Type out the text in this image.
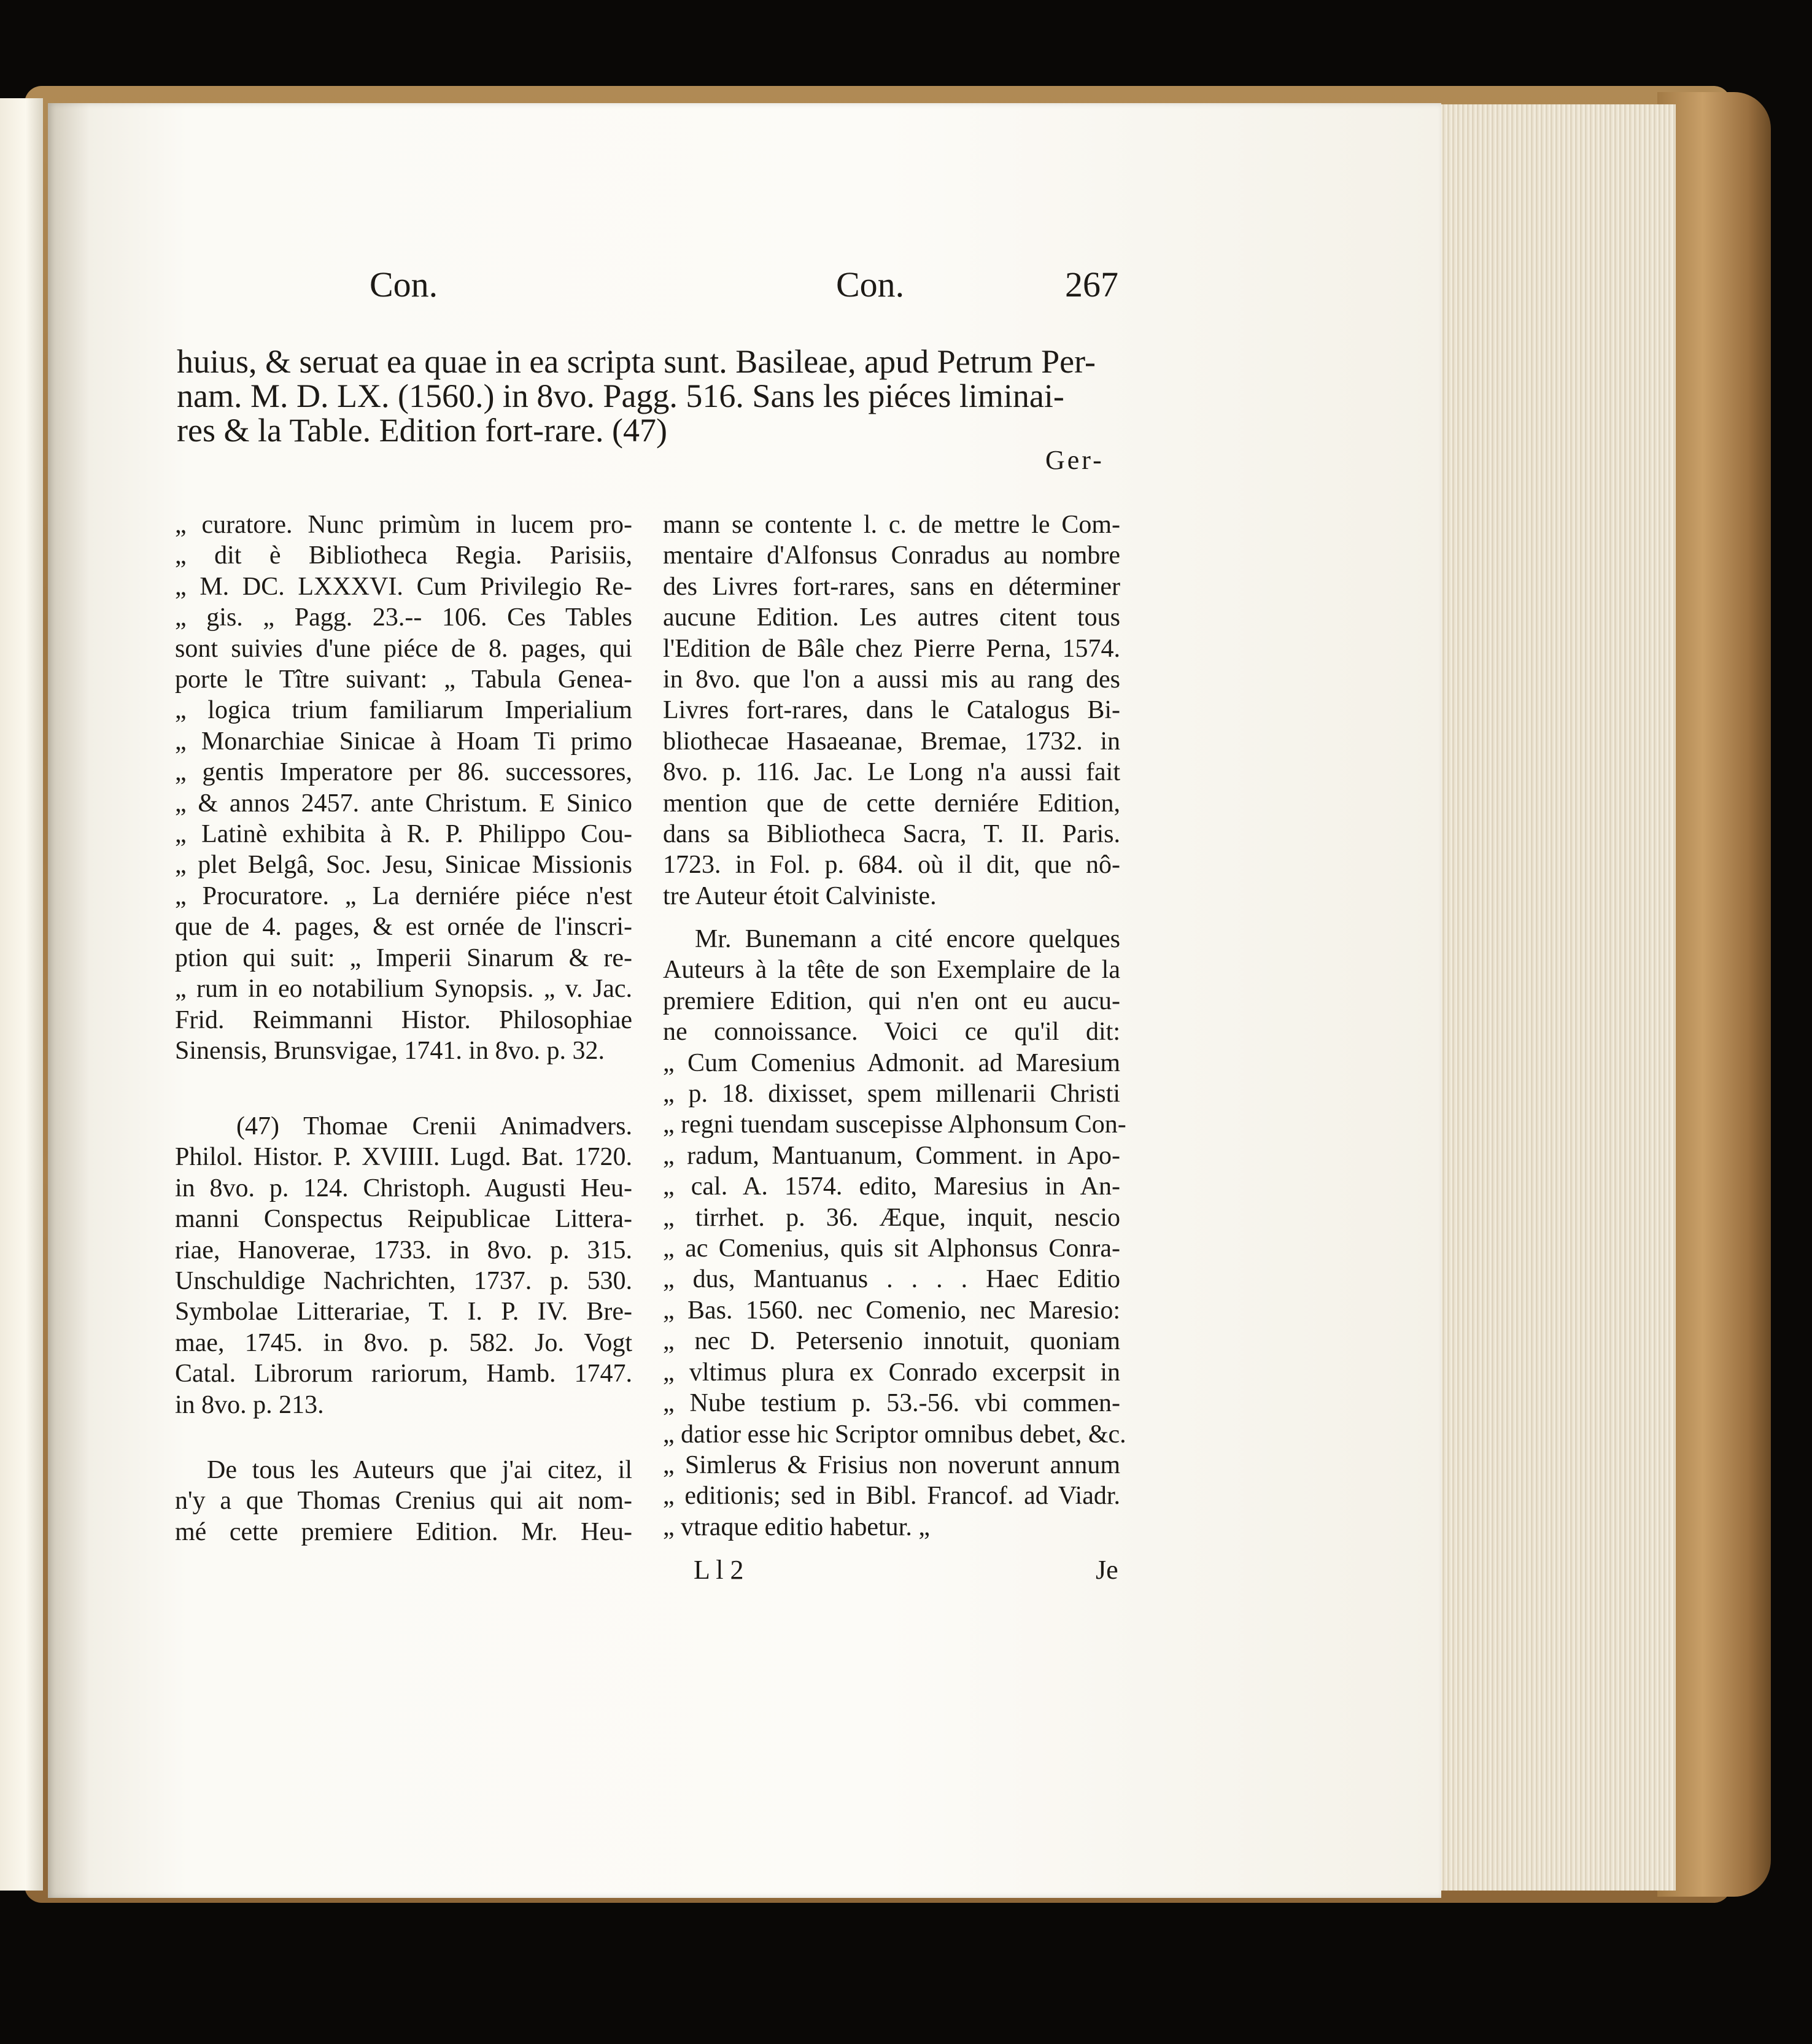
Con.	Con.	267
huius, & seruat ea quae in ea scripta sunt. Basileae, apud Petrum Per-
nam. M. D. LX. (1560.) in 8vo. Pagg. 516. Sans les piéces liminai-
res & la Table. Edition fort-rare. (47)
Ger-
„ curatore. Nunc primùm in lucem pro-
„ dit è Bibliotheca Regia. Parisiis,
„ M. DC. LXXXVI. Cum Privilegio Re-
„ gis. „ Pagg. 23.-- 106. Ces Tables
sont suivies d'une piéce de 8. pages, qui
porte le Tître suivant: „ Tabula Genea-
„ logica trium familiarum Imperialium
„ Monarchiae Sinicae à Hoam Ti primo
„ gentis Imperatore per 86. successores,
„ & annos 2457. ante Christum. E Sinico
„ Latinè exhibita à R. P. Philippo Cou-
„ plet Belgâ, Soc. Jesu, Sinicae Missionis
„ Procuratore. „ La derniére piéce n'est
que de 4. pages, & est ornée de l'inscri-
ption qui suit: „ Imperii Sinarum & re-
„ rum in eo notabilium Synopsis. „ v. Jac.
Frid. Reimmanni Histor. Philosophiae
Sinensis, Brunsvigae, 1741. in 8vo. p. 32.
(47) Thomae Crenii Animadvers.
Philol. Histor. P. XVIIII. Lugd. Bat. 1720.
in 8vo. p. 124. Christoph. Augusti Heu-
manni Conspectus Reipublicae Littera-
riae, Hanoverae, 1733. in 8vo. p. 315.
Unschuldige Nachrichten, 1737. p. 530.
Symbolae Litterariae, T. I. P. IV. Bre-
mae, 1745. in 8vo. p. 582. Jo. Vogt
Catal. Librorum rariorum, Hamb. 1747.
in 8vo. p. 213.
De tous les Auteurs que j'ai citez, il
n'y a que Thomas Crenius qui ait nom-
mé cette premiere Edition. Mr. Heu-
mann se contente l. c. de mettre le Com-
mentaire d'Alfonsus Conradus au nombre
des Livres fort-rares, sans en déterminer
aucune Edition. Les autres citent tous
l'Edition de Bâle chez Pierre Perna, 1574.
in 8vo. que l'on a aussi mis au rang des
Livres fort-rares, dans le Catalogus Bi-
bliothecae Hasaeanae, Bremae, 1732. in
8vo. p. 116. Jac. Le Long n'a aussi fait
mention que de cette derniére Edition,
dans sa Bibliotheca Sacra, T. II. Paris.
1723. in Fol. p. 684. où il dit, que nô-
tre Auteur étoit Calviniste.
Mr. Bunemann a cité encore quelques
Auteurs à la tête de son Exemplaire de la
premiere Edition, qui n'en ont eu aucu-
ne connoissance. Voici ce qu'il dit:
„ Cum Comenius Admonit. ad Maresium
„ p. 18. dixisset, spem millenarii Christi
„ regni tuendam suscepisse Alphonsum Con-
„ radum, Mantuanum, Comment. in Apo-
„ cal. A. 1574. edito, Maresius in An-
„ tirrhet. p. 36. Æque, inquit, nescio
„ ac Comenius, quis sit Alphonsus Conra-
„ dus, Mantuanus . . . . Haec Editio
„ Bas. 1560. nec Comenio, nec Maresio:
„ nec D. Petersenio innotuit, quoniam
„ vltimus plura ex Conrado excerpsit in
„ Nube testium p. 53.-56. vbi commen-
„ datior esse hic Scriptor omnibus debet, &c.
„ Simlerus & Frisius non noverunt annum
„ editionis; sed in Bibl. Francof. ad Viadr.
„ vtraque editio habetur. „
L l 2	Je
